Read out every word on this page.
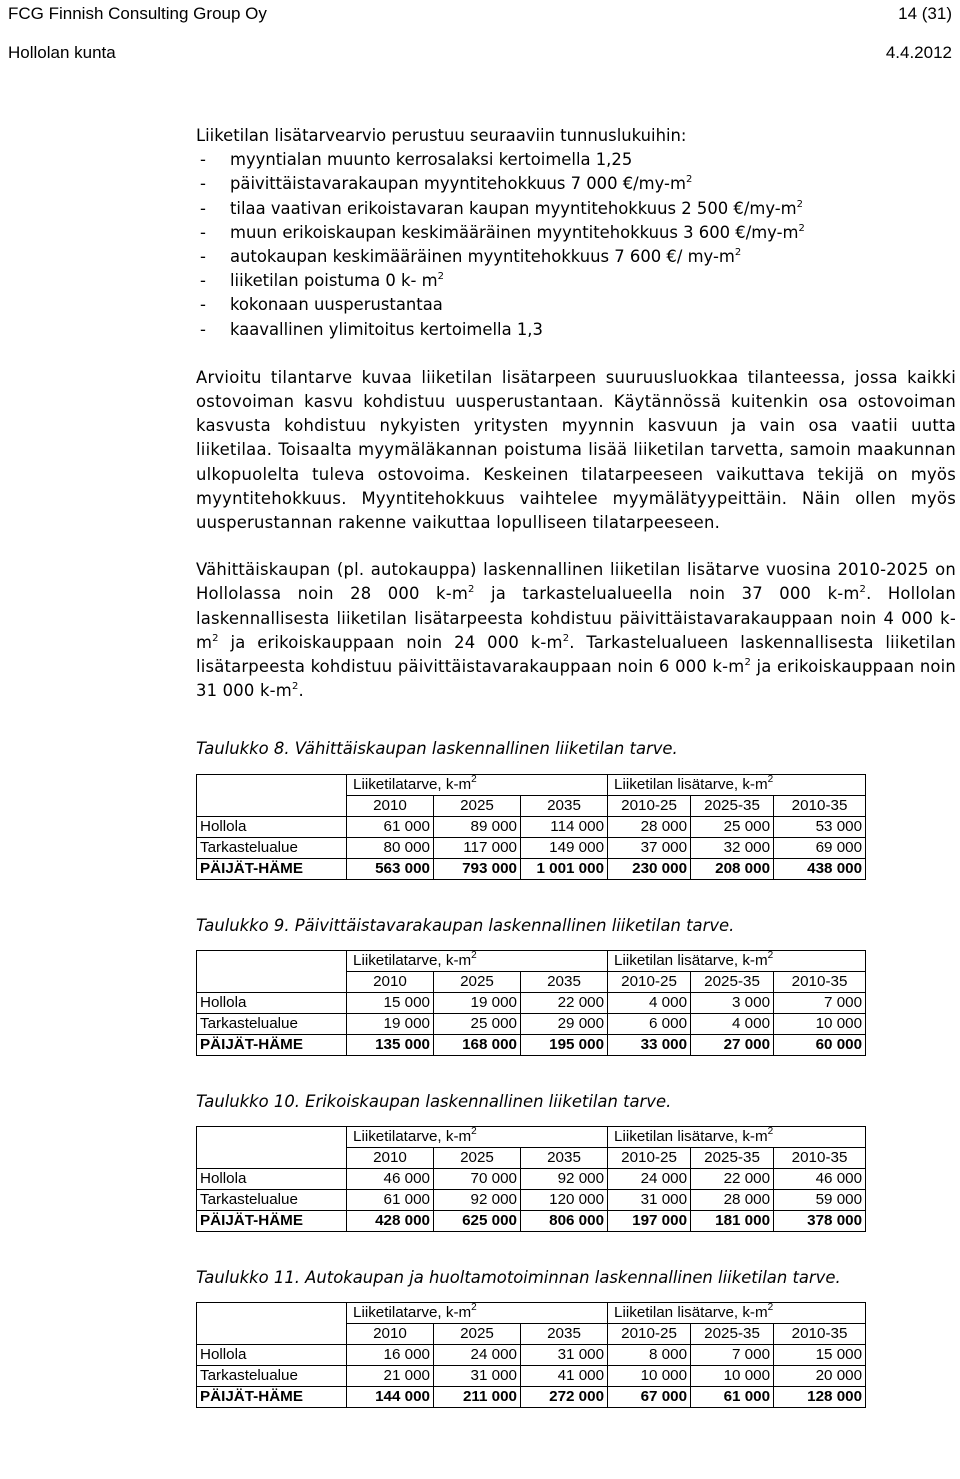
FCG Finnish Consulting Group Oy	14 (31)
Hollolan kunta	4.4.2012

Liiketilan lisätarvearvio perustuu seuraaviin tunnuslukuihin:

- myyntialan muunto kerrosalaksi kertoimella 1,25
- päivittäistavarakaupan myyntitehokkuus 7 000 $€/my-m^2$
- tilaa vaativan erikoistavaran kaupan myyntitehokkuus 2 500 $€/my-m^2$
- muun erikoiskaupan keskimääräinen myyntitehokkuus 3 600 $€/my-m^2$
- autokaupan keskimääräinen myyntitehokkuus 7 600 €/ $my-m^2$
- liiketilan poistuma 0 k- $m^2$
- kokonaan uusperustantaa
- kaavallinen ylimitoitus kertoimella 1,3

Arvioitu tilantarve kuvaa liiketilan lisätarpeen suuruusluokkaa tilanteessa, jossa kaikki ostovoiman kasvu kohdistuu uusperustantaan. Käytännössä kuitenkin osa ostovoiman kasvusta kohdistuu nykyisten yritysten myynnin kasvuun ja vain osa vaatii uutta liiketilaa. Toisaalta myymäläkannan poistuma lisää liiketilan tarvetta, samoin maakunnan ulkopuolelta tuleva ostovoima. Keskeinen tilatarpeeseen vaikuttava tekijä on myös myyntitehokkuus. Myyntitehokkuus vaihtelee myymälätyypeittäin. Näin ollen myös uusperustannan rakenne vaikuttaa lopulliseen tilatarpeeseen.

Vähittäiskaupan (pl. autokauppa) laskennallinen liiketilan lisätarve vuosina 2010-2025 on Hollolassa noin 28 000 $k-m^2$ ja tarkastelualueella noin 37 000 $k-m^2$. Hollolan laskennallisesta liiketilan lisätarpeesta kohdistuu päivittäistavarakauppaan noin 4 000 $k-m^2$ ja erikoiskauppaan noin 24 000 $k-m^2$. Tarkastelualueen laskennallisesta liiketilan lisätarpeesta kohdistuu päivittäistavarakauppaan noin 6 000 $k-m^2$ ja erikoiskauppaan noin 31 000 $k-m^2$.

Taulukko 8. Vähittäiskaupan laskennallinen liiketilan tarve.

	Liiketilatarve, $k-m^2$			Liiketilan lisätarve, $k-m^2$
	2010	2025	2035	2010-25	2025-35	2010-35
Hollola	61 000	89 000	114 000	28 000	25 000	53 000
Tarkastelualue	80 000	117 000	149 000	37 000	32 000	69 000
PÄIJÄT-HÄME	563 000	793 000	1 001 000	230 000	208 000	438 000

Taulukko 9. Päivittäistavarakaupan laskennallinen liiketilan tarve.

	Liiketilatarve, $k-m^2$			Liiketilan lisätarve, $k-m^2$
	2010	2025	2035	2010-25	2025-35	2010-35
Hollola	15 000	19 000	22 000	4 000	3 000	7 000
Tarkastelualue	19 000	25 000	29 000	6 000	4 000	10 000
PÄIJÄT-HÄME	135 000	168 000	195 000	33 000	27 000	60 000

Taulukko 10. Erikoiskaupan laskennallinen liiketilan tarve.

	Liiketilatarve, $k-m^2$			Liiketilan lisätarve, $k-m^2$
	2010	2025	2035	2010-25	2025-35	2010-35
Hollola	46 000	70 000	92 000	24 000	22 000	46 000
Tarkastelualue	61 000	92 000	120 000	31 000	28 000	59 000
PÄIJÄT-HÄME	428 000	625 000	806 000	197 000	181 000	378 000

Taulukko 11. Autokaupan ja huoltamotoiminnan laskennallinen liiketilan tarve.

	Liiketilatarve, $k-m^2$			Liiketilan lisätarve, $k-m^2$
	2010	2025	2035	2010-25	2025-35	2010-35
Hollola	16 000	24 000	31 000	8 000	7 000	15 000
Tarkastelualue	21 000	31 000	41 000	10 000	10 000	20 000
PÄIJÄT-HÄME	144 000	211 000	272 000	67 000	61 000	128 000
